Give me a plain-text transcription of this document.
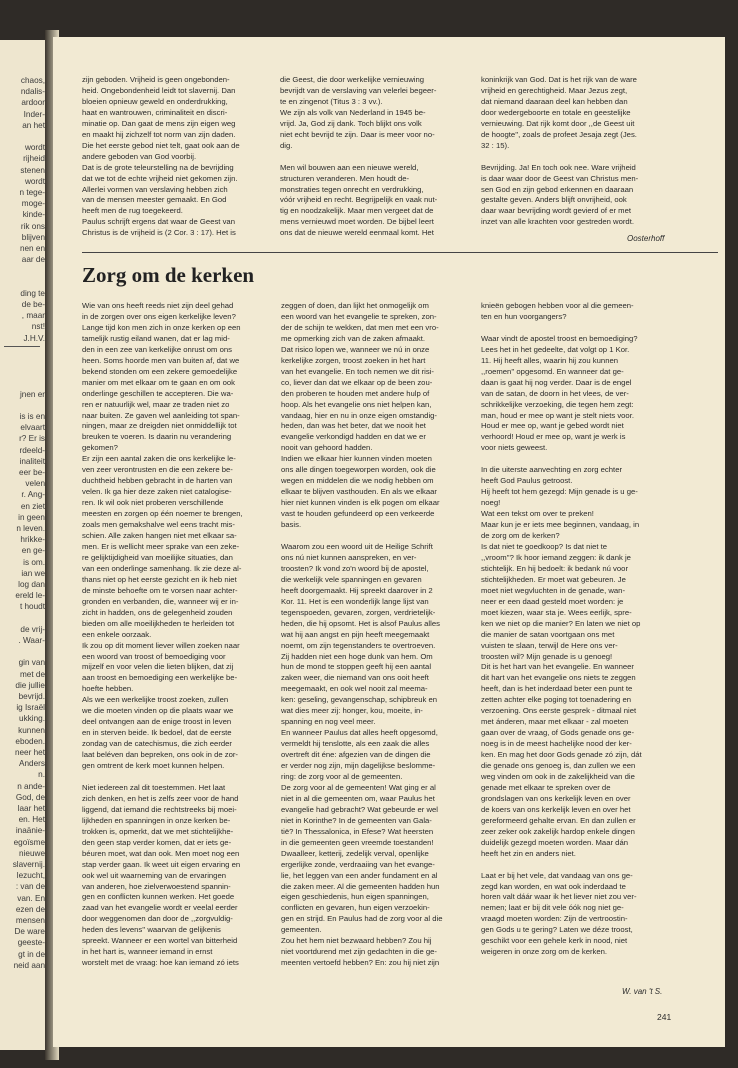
chaos,
ndalis-
ardoor
Inder-
an het

wordt
rijheid
stenen
wordt
n tege-
moge-
kinde-
rik ons
blijven
nen en
aar de

ding te
de be-
, maar
nst!
J.H.V.

jnen er

is is en
elvaart
r? Er is
rdeeld-
inaliteit
eer be-
velen
r. Ang-
en ziet
in geen
n leven.
hrikke-
en ge-
is om.
ian we
log dan
ereld le-
t houdt

de vrij-
. Waar-

gin van
met de
die jullie
bevrijd.
ig Israël
ukking.
kunnen
eboden.
neer het
Anders
n.
n ande-
God, de
laar het
en. Het
inaänie-
egoïsme
nieuwe
slavernij.
lezucht,
: van de
van. En
ezen de
mensen
De ware
geeste-
gt in de
neid aan
zijn geboden. Vrijheid is geen ongebonden-
heid. Ongebondenheid leidt tot slavernij. Dan
bloeien opnieuw geweld en onderdrukking,
haat en wantrouwen, criminaliteit en discri-
minatie op. Dan gaat de mens zijn eigen weg
en maakt hij zichzelf tot norm van zijn daden.
Die het eerste gebod niet telt, gaat ook aan de
andere geboden van God voorbij.
Dat is de grote teleurstelling na de bevrijding
dat we tot de echte vrijheid niet gekomen zijn.
Allerlei vormen van verslaving hebben zich
van de mensen meester gemaakt. En God
heeft men de rug toegekeerd.
Paulus schrijft ergens dat waar de Geest van
Christus is de vrijheid is (2 Cor. 3 : 17). Het is
die Geest, die door werkelijke vernieuwing
bevrijdt van de verslaving van velerlei begeer-
te en zingenot (Titus 3 : 3 vv.).
We zijn als volk van Nederland in 1945 be-
vrijd. Ja, God zij dank. Toch blijkt ons volk
niet echt bevrijd te zijn. Daar is meer voor no-
dig.

Men wil bouwen aan een nieuwe wereld,
structuren veranderen. Men houdt de-
monstraties tegen onrecht en verdrukking,
vóór vrijheid en recht. Begrijpelijk en vaak nut-
tig en noodzakelijk. Maar men vergeet dat de
mens vernieuwd moet worden. De bijbel leert
ons dat de nieuwe wereld eenmaal komt. Het
koninkrijk van God. Dat is het rijk van de ware
vrijheid en gerechtigheid. Maar Jezus zegt,
dat niemand daaraan deel kan hebben dan
door wedergeboorte en totale en geestelijke
vernieuwing. Dat rijk komt door ,,de Geest uit
de hoogte'', zoals de profeet Jesaja zegt (Jes.
32 : 15).

Bevrijding. Ja! En toch ook nee. Ware vrijheid
is daar waar door de Geest van Christus men-
sen God en zijn gebod erkennen en daaraan
gestalte geven. Anders blijft onvrijheid, ook
daar waar bevrijding wordt gevierd of er met
inzet van alle krachten voor gestreden wordt.
Oosterhoff
Zorg om de kerken
Wie van ons heeft reeds niet zijn deel gehad
in de zorgen over ons eigen kerkelijke leven?
Lange tijd kon men zich in onze kerken op een
tamelijk rustig eiland wanen, dat er lag mid-
den in een zee van kerkelijke onrust om ons
heen. Soms hoorde men van buiten af, dat we
bekend stonden om een zekere gemoedelijke
manier om met elkaar om te gaan en om ook
onderlinge geschillen te accepteren. Die wa-
ren er natuurlijk wel, maar ze traden niet zo
naar buiten. Ze gaven wel aanleiding tot span-
ningen, maar ze dreigden niet onmiddellijk tot
breuken te voeren. Is daarin nu verandering
gekomen?
Er zijn een aantal zaken die ons kerkelijke le-
ven zeer verontrusten en die een zekere be-
duchtheid hebben gebracht in de harten van
velen. Ik ga hier deze zaken niet catalogise-
ren. Ik wil ook niet proberen verschillende
meesten en zorgen op één noemer te brengen,
zoals men gemakshalve wel eens tracht mis-
schien. Alle zaken hangen niet met elkaar sa-
men. Er is wellicht meer sprake van een zeke-
re gelijktijdigheid van moeilijke situaties, dan
van een onderlinge samenhang. Ik zie deze al-
thans niet op het eerste gezicht en ik heb niet
de minste behoefte om te vorsen naar achter-
gronden en verbanden, die, wanneer wij er in-
zicht in hadden, ons de gelegenheid zouden
bieden om alle moeilijkheden te herleiden tot
een enkele oorzaak.
Ik zou op dit moment liever willen zoeken naar
een woord van troost of bemoediging voor
mijzelf en voor velen die lieten blijken, dat zij
aan troost en bemoediging een werkelijke be-
hoefte hebben.
Als we een werkelijke troost zoeken, zullen
we die moeten vinden op die plaats waar we
deel ontvangen aan de enige troost in leven
en in sterven beide. Ik bedoel, dat de eerste
zondag van de catechismus, die zich eerder
laat beléven dan bepreken, ons ook in de zor-
gen omtrent de kerk moet kunnen helpen.

Niet iedereen zal dit toestemmen. Het laat
zich denken, en het is zelfs zeer voor de hand
liggend, dat iemand die rechtstreeks bij moei-
lijkheden en spanningen in onze kerken be-
trokken is, opmerkt, dat we met stichtelijkhe-
den geen stap verder komen, dat er iets ge-
béuren moet, wat dan ook. Men moet nog een
stap verder gaan. Ik weet uit eigen ervaring en
ook wel uit waarneming van de ervaringen
van anderen, hoe zielverwoestend spannin-
gen en conflicten kunnen werken. Het goede
zaad van het evangelie wordt er veelal eerder
door weggenomen dan door de ,,zorgvuldig-
heden des levens'' waarvan de gelijkenis
spreekt. Wanneer er een wortel van bitterheid
in het hart is, wanneer iemand in ernst
worstelt met de vraag: hoe kan iemand zó iets
zeggen of doen, dan lijkt het onmogelijk om
een woord van het evangelie te spreken, zon-
der de schijn te wekken, dat men met een vro-
me opmerking zich van de zaken afmaakt.
Dat risico lopen we, wanneer we nú in onze
kerkelijke zorgen, troost zoeken in het hart
van het evangelie. En toch nemen we dit risi-
co, liever dan dat we elkaar op de been zou-
den proberen te houden met andere hulp of
hoop. Als het evangelie ons niet helpen kan,
vandaag, hier en nu in onze eigen omstandig-
heden, dan was het beter, dat we nooit het
evangelie verkondigd hadden en dat we er
nooit van gehoord hadden.
Indien we elkaar hier kunnen vinden moeten
ons alle dingen toegeworpen worden, ook die
wegen en middelen die we nodig hebben om
elkaar te blijven vasthouden. En als we elkaar
hier niet kunnen vinden is elk pogen om elkaar
vast te houden gefundeerd op een verkeerde
basis.

Waarom zou een woord uit de Heilige Schrift
ons nú niet kunnen aanspreken, en ver-
troosten? Ik vond zo'n woord bij de apostel,
die werkelijk vele spanningen en gevaren
heeft doorgemaakt. Hij spreekt daarover in 2
Kor. 11. Het is een wonderlijk lange lijst van
tegenspoeden, gevaren, zorgen, verdrietelijk-
heden, die hij opsomt. Het is alsof Paulus alles
wat hij aan angst en pijn heeft meegemaakt
noemt, om zijn tegenstanders te overtroeven.
Zij hadden niet een hoge dunk van hem. Om
hun de mond te stoppen geeft hij een aantal
zaken weer, die niemand van ons ooit heeft
meegemaakt, en ook wel nooit zal meema-
ken: geseling, gevangenschap, schipbreuk en
wat dies meer zij: honger, kou, moeite, in-
spanning en nog veel meer.
En wanneer Paulus dat alles heeft opgesomd,
vermeldt hij tenslotte, als een zaak die alles
overtreft dit éne: afgezien van de dingen die
er verder nog zijn, mijn dagelijkse beslomme-
ring: de zorg voor al de gemeenten.
De zorg voor al de gemeenten! Wat ging er al
niet in al die gemeenten om, waar Paulus het
evangelie had gebracht? Wat gebeurde er wel
niet in Korinthe? In de gemeenten van Gala-
tië? In Thessalonica, in Efese? Wat heersten
in die gemeenten geen vreemde toestanden!
Dwaalleer, ketterij, zedelijk verval, openlijke
ergerlijke zonde, verdraaiing van het evange-
lie, het leggen van een ander fundament en al
die zaken meer. Al die gemeenten hadden hun
eigen geschiedenis, hun eigen spanningen,
conflicten en gevaren, hun eigen verzoekin-
gen en strijd. En Paulus had de zorg voor al die
gemeenten.
Zou het hem niet bezwaard hebben? Zou hij
niet voortdurend met zijn gedachten in die ge-
meenten vertoefd hebben? En: zou hij niet zijn
knieën gebogen hebben voor al die gemeen-
ten en hun voorgangers?

Waar vindt de apostel troost en bemoediging?
Lees het in het gedeelte, dat volgt op 1 Kor.
11. Hij heeft alles, waarin hij zou kunnen
,,roemen'' opgesomd. En wanneer dat ge-
daan is gaat hij nog verder. Daar is de engel
van de satan, de doorn in het vlees, de ver-
schrikkelijke verzoeking, die tegen hem zegt:
man, houd er mee op want je stelt niets voor.
Houd er mee op, want je gebed wordt niet
verhoord! Houd er mee op, want je werk is
voor niets geweest.

In die uiterste aanvechting en zorg echter
heeft God Paulus getroost.
Hij heeft tot hem gezegd: Mijn genade is u ge-
noeg!
Wat een tekst om over te preken!
Maar kun je er iets mee beginnen, vandaag, in
de zorg om de kerken?
Is dat niet te goedkoop? Is dat niet te
,,vroom''? Ik hoor iemand zeggen: ik dank je
stichtelijk. En hij bedoelt: ik bedank nú voor
stichtelijkheden. Er moet wat gebeuren. Je
moet niet wegvluchten in de genade, wan-
neer er een daad gesteld moet worden: je
moet kiezen, waar sta je. Wees eerlijk, spre-
ken we niet op die manier? En laten we niet op
die manier de satan voortgaan ons met
vuisten te slaan, terwijl de Here ons ver-
troosten wil? Mijn genade is u genoeg!
Dit is het hart van het evangelie. En wanneer
dit hart van het evangelie ons niets te zeggen
heeft, dan is het inderdaad beter een punt te
zetten achter elke poging tot toenadering en
verzoening. Ons eerste gesprek - ditmaal niet
met ánderen, maar met elkaar - zal moeten
gaan over de vraag, of Gods genade ons ge-
noeg is in de meest hachelijke nood der ker-
ken. En mag het door Gods genade zó zijn, dát
die genade ons genoeg is, dan zullen we een
weg vinden om ook in de zakelijkheid van die
genade met elkaar te spreken over de
grondslagen van ons kerkelijk leven en over
de koers van ons kerkelijk leven en over het
gereformeerd gehalte ervan. En dan zullen er
zeer zeker ook zakelijk hardop enkele dingen
duidelijk gezegd moeten worden. Maar dán
heeft het zin en anders niet.

Laat er bij het vele, dat vandaag van ons ge-
zegd kan worden, en wat ook inderdaad te
horen valt dáár waar ik het liever niet zou ver-
nemen; laat er bij dit vele óók nog niet ge-
vraagd moeten worden: Zijn de vertroostin-
gen Gods u te gering? Laten we déze troost,
geschikt voor een gehele kerk in nood, niet
weigeren in onze zorg om de kerken.
W. van 't S.
241
